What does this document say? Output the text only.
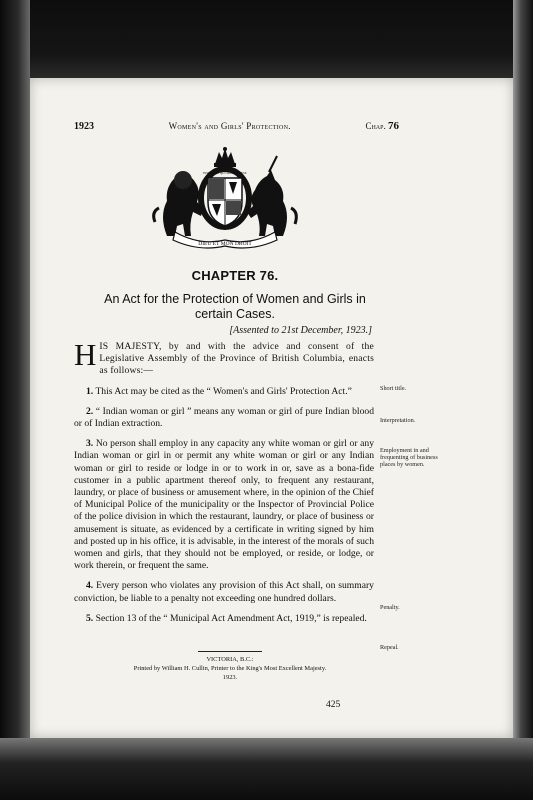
1923	Women's and Girls' Protection.	Chap. 76
DIEU ET MON DROIT
HONI SOIT QUI MAL Y PENSE
CHAPTER 76.
An Act for the Protection of Women and Girls in certain Cases.
[Assented to 21st December, 1923.]

HIS MAJESTY, by and with the advice and consent of the Legislative Assembly of the Province of British Columbia, enacts as follows:—

1. This Act may be cited as the “ Women's and Girls' Protection Act.”

2. “ Indian woman or girl ” means any woman or girl of pure Indian blood or of Indian extraction.

3. No person shall employ in any capacity any white woman or girl or any Indian woman or girl in or permit any white woman or girl or any Indian woman or girl to reside or lodge in or to work in or, save as a bona-fide customer in a public apartment thereof only, to frequent any restaurant, laundry, or place of business or amusement where, in the opinion of the Chief of Municipal Police of the municipality or the Inspector of Provincial Police of the police division in which the restaurant, laundry, or place of business or amusement is situate, as evidenced by a certificate in writing signed by him and posted up in his office, it is advisable, in the interest of the morals of such women and girls, that they should not be employed, or reside, or lodge, or work therein, or frequent the same.

4. Every person who violates any provision of this Act shall, on summary conviction, be liable to a penalty not exceeding one hundred dollars.

5. Section 13 of the “ Municipal Act Amendment Act, 1919,” is repealed.

Short title.
Interpretation.
Employment in and frequenting of business places by women.
Penalty.
Repeal.
VICTORIA, B.C.:
Printed by William H. Cullin, Printer to the King's Most Excellent Majesty.
1923.
425
